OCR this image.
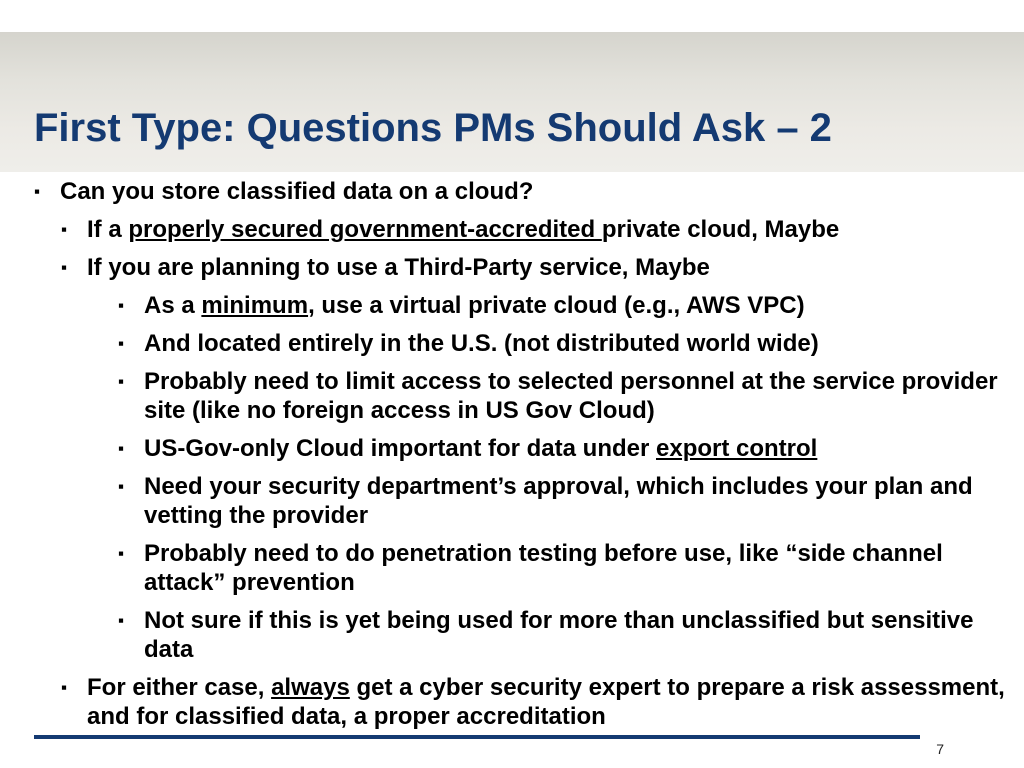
First Type: Questions PMs Should Ask – 2
▪ Can you store classified data on a cloud?
▪ If a properly secured government-accredited private cloud, Maybe
▪ If you are planning to use a Third-Party service, Maybe
▪ As a minimum, use a virtual private cloud (e.g., AWS VPC)
▪ And located entirely in the U.S. (not distributed world wide)
▪ Probably need to limit access to selected personnel at the service provider site (like no foreign access in US Gov Cloud)
▪ US-Gov-only Cloud important for data under export control
▪ Need your security department’s approval, which includes your plan and vetting the provider
▪ Probably need to do penetration testing before use, like “side channel attack” prevention
▪ Not sure if this is yet being used for more than unclassified but sensitive data
▪ For either case, always get a cyber security expert to prepare a risk assessment, and for classified data, a proper accreditation
7
